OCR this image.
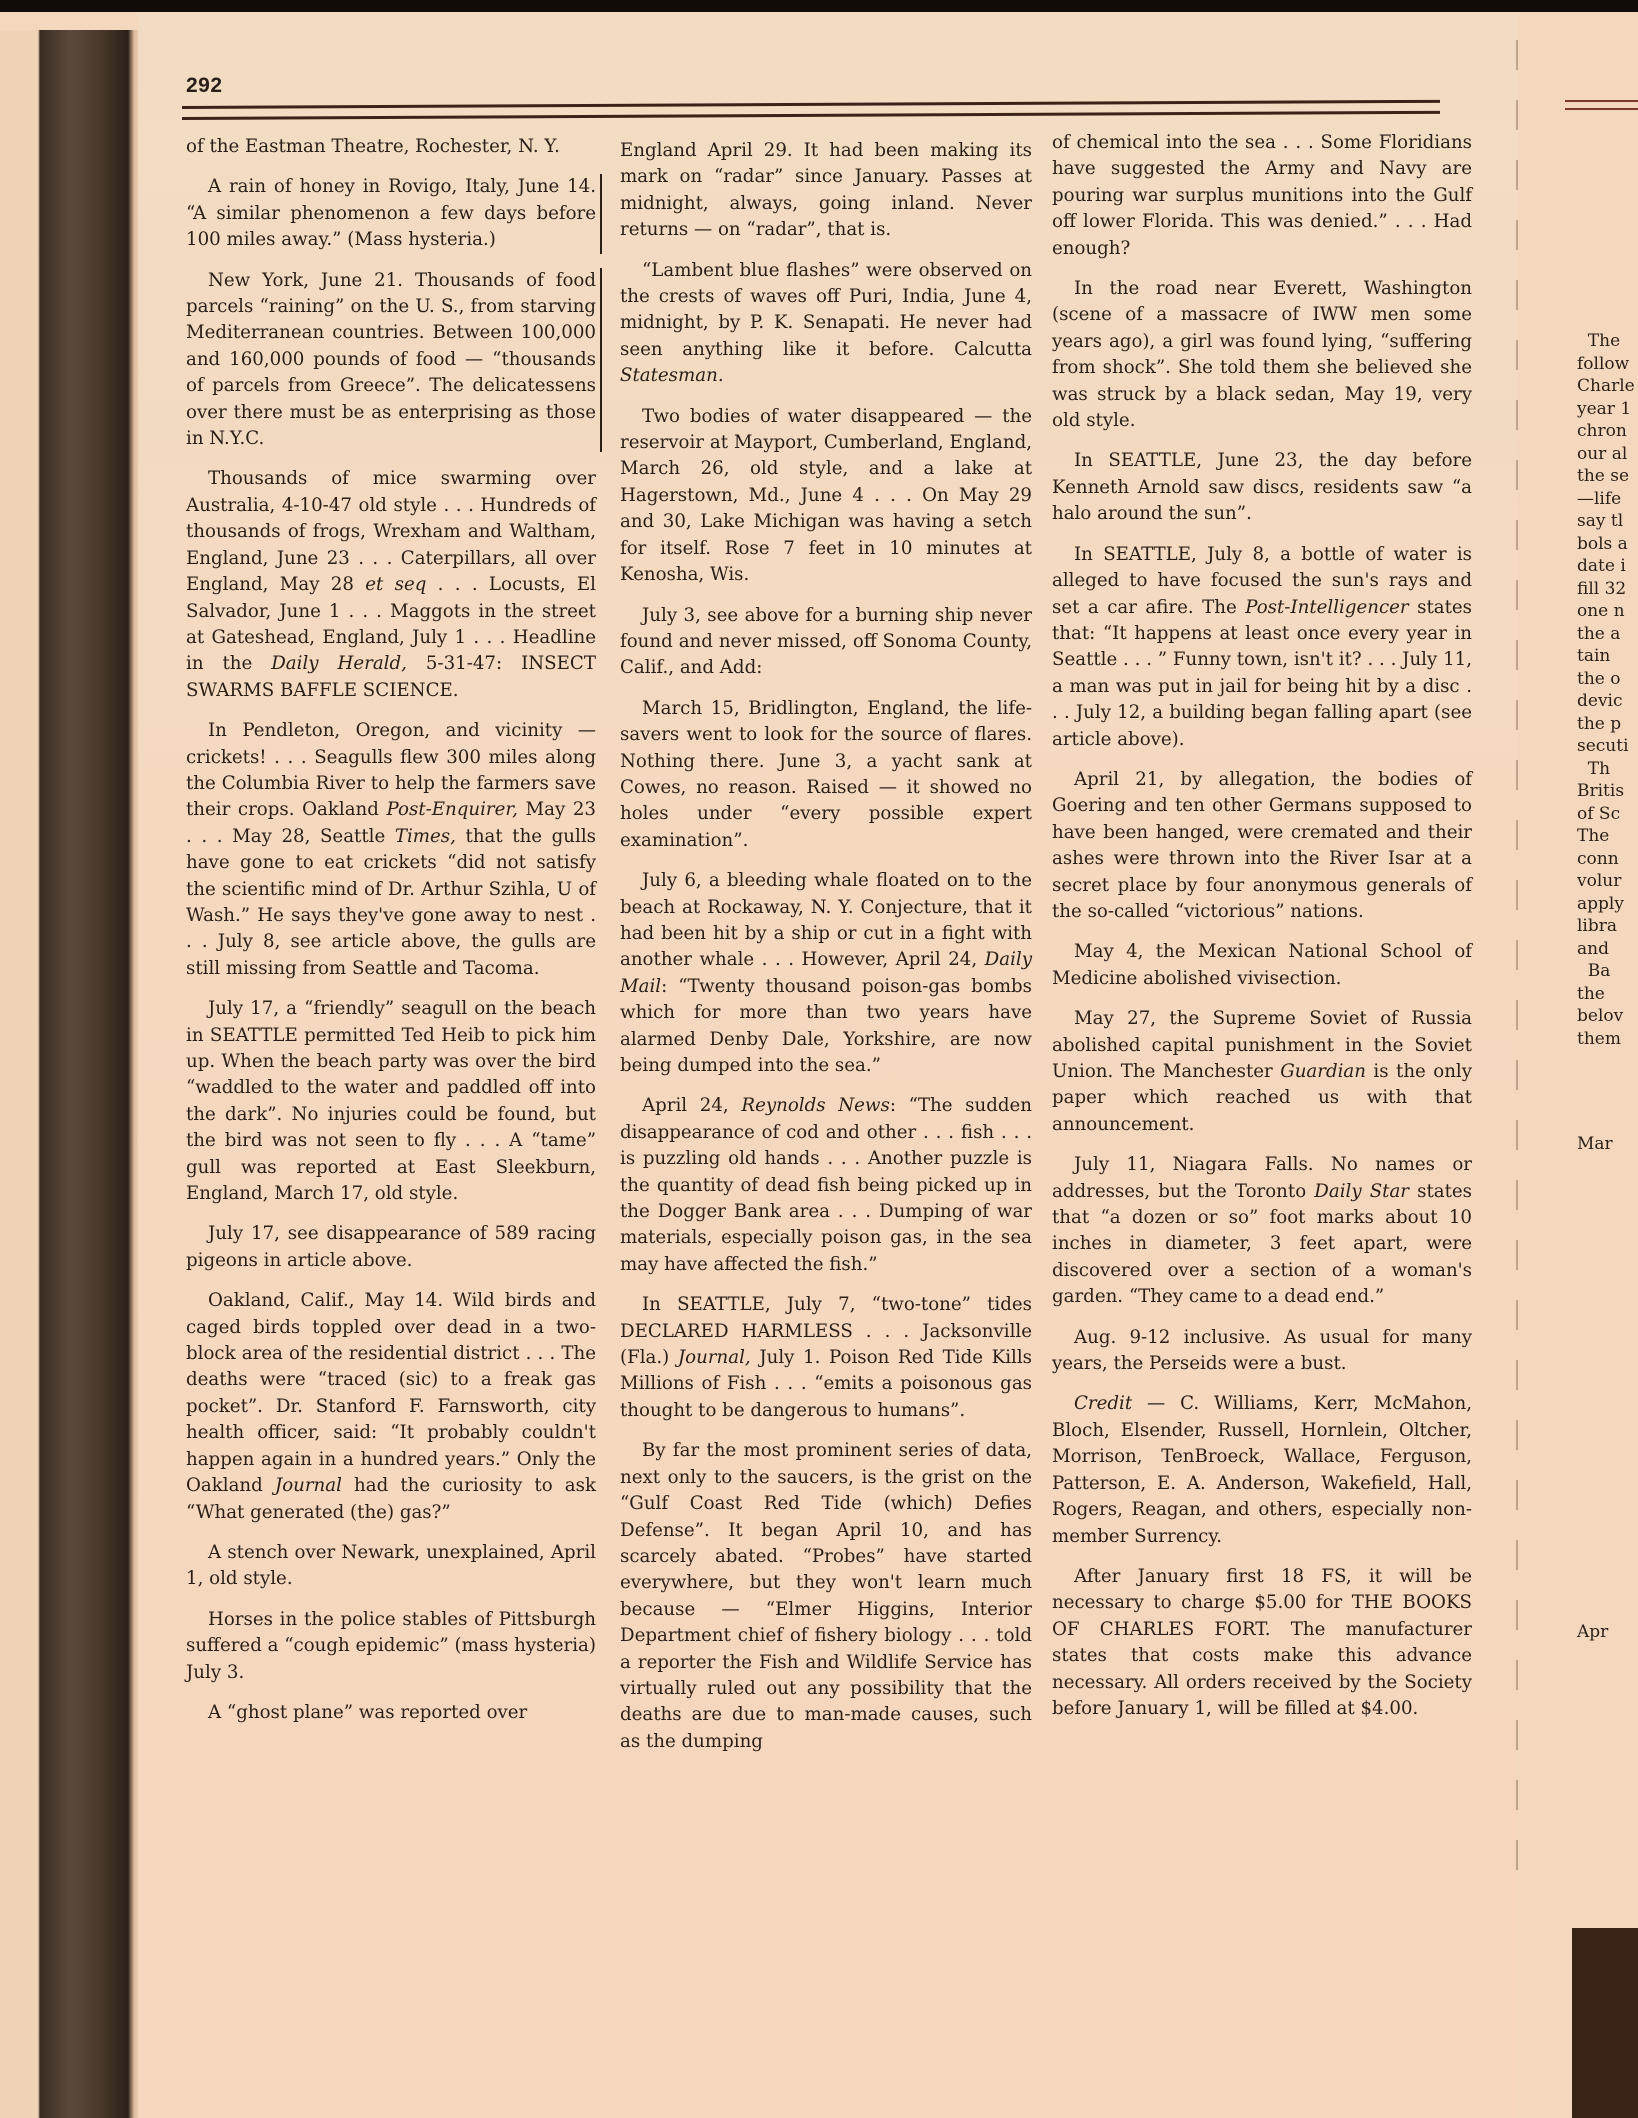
292

of the Eastman Theatre, Rochester, N. Y.

A rain of honey in Rovigo, Italy, June 14. “A similar phenomenon a few days before 100 miles away.” (Mass hysteria.)

New York, June 21. Thousands of food parcels “raining” on the U. S., from starving Mediterranean countries. Between 100,000 and 160,000 pounds of food — “thousands of parcels from Greece”. The delicatessens over there must be as enterprising as those in N.Y.C.

Thousands of mice swarming over Australia, 4-10-47 old style . . . Hundreds of thousands of frogs, Wrexham and Waltham, England, June 23 . . . Caterpillars, all over England, May 28 et seq . . . Locusts, El Salvador, June 1 . . . Maggots in the street at Gateshead, England, July 1 . . . Headline in the Daily Herald, 5-31-47: INSECT SWARMS BAFFLE SCIENCE.

In Pendleton, Oregon, and vicinity — crickets! . . . Seagulls flew 300 miles along the Columbia River to help the farmers save their crops. Oakland Post-Enquirer, May 23 . . . May 28, Seattle Times, that the gulls have gone to eat crickets “did not satisfy the scientific mind of Dr. Arthur Szihla, U of Wash.” He says they've gone away to nest . . . July 8, see article above, the gulls are still missing from Seattle and Tacoma.

July 17, a “friendly” seagull on the beach in SEATTLE permitted Ted Heib to pick him up. When the beach party was over the bird “waddled to the water and paddled off into the dark”. No injuries could be found, but the bird was not seen to fly . . . A “tame” gull was reported at East Sleekburn, England, March 17, old style.

July 17, see disappearance of 589 racing pigeons in article above.

Oakland, Calif., May 14. Wild birds and caged birds toppled over dead in a two-block area of the residential district . . . The deaths were “traced (sic) to a freak gas pocket”. Dr. Stanford F. Farnsworth, city health officer, said: “It probably couldn't happen again in a hundred years.” Only the Oakland Journal had the curiosity to ask “What generated (the) gas?”

A stench over Newark, unexplained, April 1, old style.

Horses in the police stables of Pittsburgh suffered a “cough epidemic” (mass hysteria) July 3.

A “ghost plane” was reported over

England April 29. It had been making its mark on “radar” since January. Passes at midnight, always, going inland. Never returns — on “radar”, that is.

“Lambent blue flashes” were observed on the crests of waves off Puri, India, June 4, midnight, by P. K. Senapati. He never had seen anything like it before. Calcutta Statesman.

Two bodies of water disappeared — the reservoir at Mayport, Cumberland, England, March 26, old style, and a lake at Hagerstown, Md., June 4 . . . On May 29 and 30, Lake Michigan was having a setch for itself. Rose 7 feet in 10 minutes at Kenosha, Wis.

July 3, see above for a burning ship never found and never missed, off Sonoma County, Calif., and Add:

March 15, Bridlington, England, the life-savers went to look for the source of flares. Nothing there. June 3, a yacht sank at Cowes, no reason. Raised — it showed no holes under “every possible expert examination”.

July 6, a bleeding whale floated on to the beach at Rockaway, N. Y. Conjecture, that it had been hit by a ship or cut in a fight with another whale . . . However, April 24, Daily Mail: “Twenty thousand poison-gas bombs which for more than two years have alarmed Denby Dale, Yorkshire, are now being dumped into the sea.”

April 24, Reynolds News: “The sudden disappearance of cod and other . . . fish . . . is puzzling old hands . . . Another puzzle is the quantity of dead fish being picked up in the Dogger Bank area . . . Dumping of war materials, especially poison gas, in the sea may have affected the fish.”

In SEATTLE, July 7, “two-tone” tides DECLARED HARMLESS . . . Jacksonville (Fla.) Journal, July 1. Poison Red Tide Kills Millions of Fish . . . “emits a poisonous gas thought to be dangerous to humans”.

By far the most prominent series of data, next only to the saucers, is the grist on the “Gulf Coast Red Tide (which) Defies Defense”. It began April 10, and has scarcely abated. “Probes” have started everywhere, but they won't learn much because — “Elmer Higgins, Interior Department chief of fishery biology . . . told a reporter the Fish and Wildlife Service has virtually ruled out any possibility that the deaths are due to man-made causes, such as the dumping

of chemical into the sea . . . Some Floridians have suggested the Army and Navy are pouring war surplus munitions into the Gulf off lower Florida. This was denied.” . . . Had enough?

In the road near Everett, Washington (scene of a massacre of IWW men some years ago), a girl was found lying, “suffering from shock”. She told them she believed she was struck by a black sedan, May 19, very old style.

In SEATTLE, June 23, the day before Kenneth Arnold saw discs, residents saw “a halo around the sun”.

In SEATTLE, July 8, a bottle of water is alleged to have focused the sun's rays and set a car afire. The Post-Intelligencer states that: “It happens at least once every year in Seattle . . . ” Funny town, isn't it? . . . July 11, a man was put in jail for being hit by a disc . . . July 12, a building began falling apart (see article above).

April 21, by allegation, the bodies of Goering and ten other Germans supposed to have been hanged, were cremated and their ashes were thrown into the River Isar at a secret place by four anonymous generals of the so-called “victorious” nations.

May 4, the Mexican National School of Medicine abolished vivisection.

May 27, the Supreme Soviet of Russia abolished capital punishment in the Soviet Union. The Manchester Guardian is the only paper which reached us with that announcement.

July 11, Niagara Falls. No names or addresses, but the Toronto Daily Star states that “a dozen or so” foot marks about 10 inches in diameter, 3 feet apart, were discovered over a section of a woman's garden. “They came to a dead end.”

Aug. 9-12 inclusive. As usual for many years, the Perseids were a bust.

Credit — C. Williams, Kerr, McMahon, Bloch, Elsender, Russell, Hornlein, Oltcher, Morrison, TenBroeck, Wallace, Ferguson, Patterson, E. A. Anderson, Wakefield, Hall, Rogers, Reagan, and others, especially non-member Surrency.

After January first 18 FS, it will be necessary to charge $5.00 for THE BOOKS OF CHARLES FORT. The manufacturer states that costs make this advance necessary. All orders received by the Society before January 1, will be filled at $4.00.

The
follow
Charle
year 1
chron
our al
the se
—life
say tl
bols a
date i
fill 32
one n
the a
tain
the o
devic
the p
secuti
Th
Britis
of Sc
The
conn
volur
apply
libra
and
Ba
the
belov
them
Mar
Apr
